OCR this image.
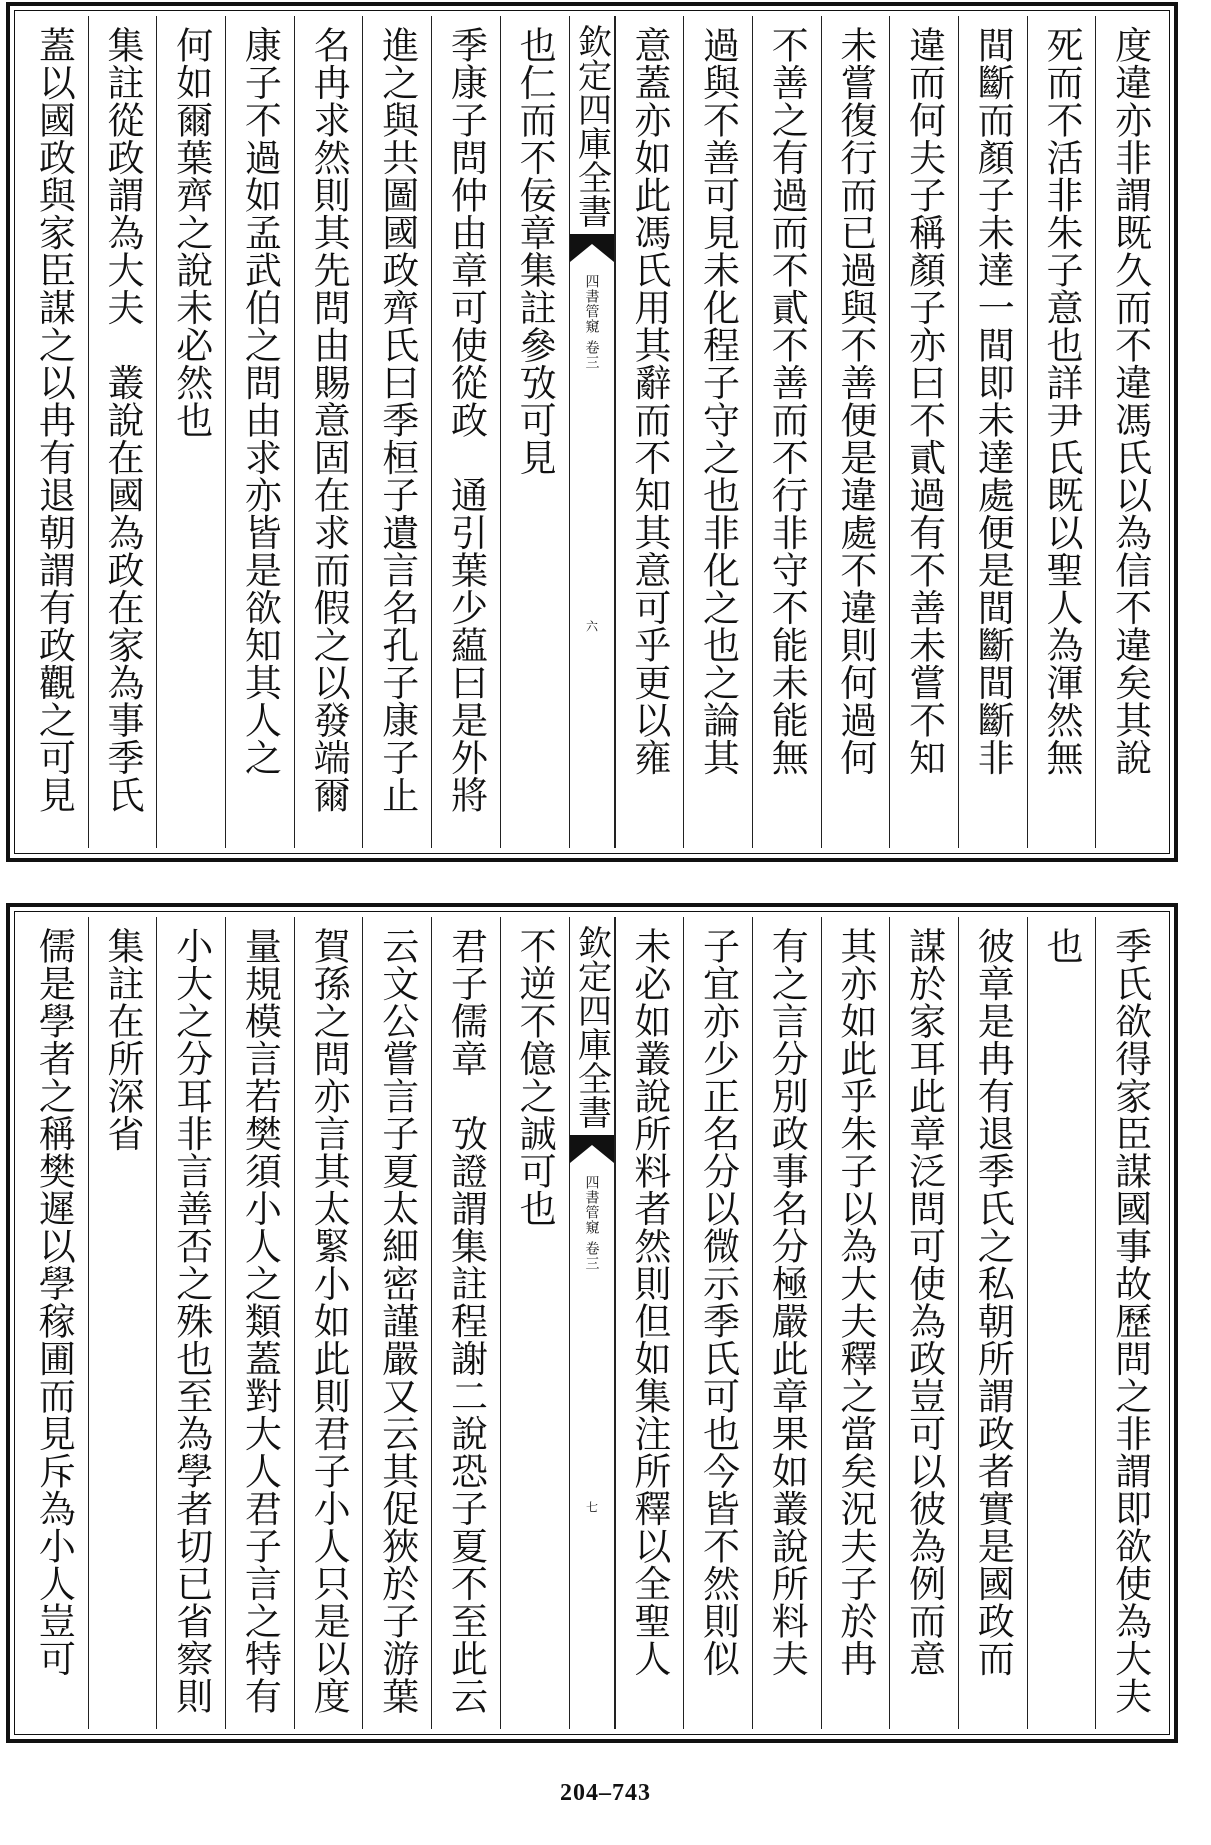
度違亦非謂既久而不違馮氏以為信不違矣其說
死而不活非朱子意也詳尹氏既以聖人為渾然無
間斷而顏子未達一間即未達處便是間斷間斷非
違而何夫子稱顏子亦曰不貳過有不善未嘗不知
未嘗復行而已過與不善便是違處不違則何過何
不善之有過而不貳不善而不行非守不能未能無
過與不善可見未化程子守之也非化之也之論其
意蓋亦如此馮氏用其辭而不知其意可乎更以雍
欽定四庫全書
四書管窺
卷三
六
也仁而不佞章集註參攷可見
季康子問仲由章可使從政　通引葉少藴曰是外將
進之與共圖國政齊氏曰季桓子遺言名孔子康子止
名冉求然則其先問由賜意固在求而假之以發端爾
康子不過如孟武伯之問由求亦皆是欲知其人之
何如爾葉齊之說未必然也
集註從政謂為大夫　叢說在國為政在家為事季氏
蓋以國政與家臣謀之以冉有退朝謂有政觀之可見
季氏欲得家臣謀國事故歷問之非謂即欲使為大夫
也
彼章是冉有退季氏之私朝所謂政者實是國政而
謀於家耳此章泛問可使為政豈可以彼為例而意
其亦如此乎朱子以為大夫釋之當矣況夫子於冉
有之言分別政事名分極嚴此章果如叢說所料夫
子宜亦少正名分以微示季氏可也今皆不然則似
未必如叢說所料者然則但如集注所釋以全聖人
欽定四庫全書
四書管窺
卷三
七
不逆不億之誠可也
君子儒章　攷證謂集註程謝二說恐子夏不至此云
云文公嘗言子夏太細密謹嚴又云其促狹於子游葉
賀孫之問亦言其太緊小如此則君子小人只是以度
量規模言若樊須小人之類蓋對大人君子言之特有
小大之分耳非言善否之殊也至為學者切已省察則
集註在所深省
儒是學者之稱樊遲以學稼圃而見斥為小人豈可
204–743
